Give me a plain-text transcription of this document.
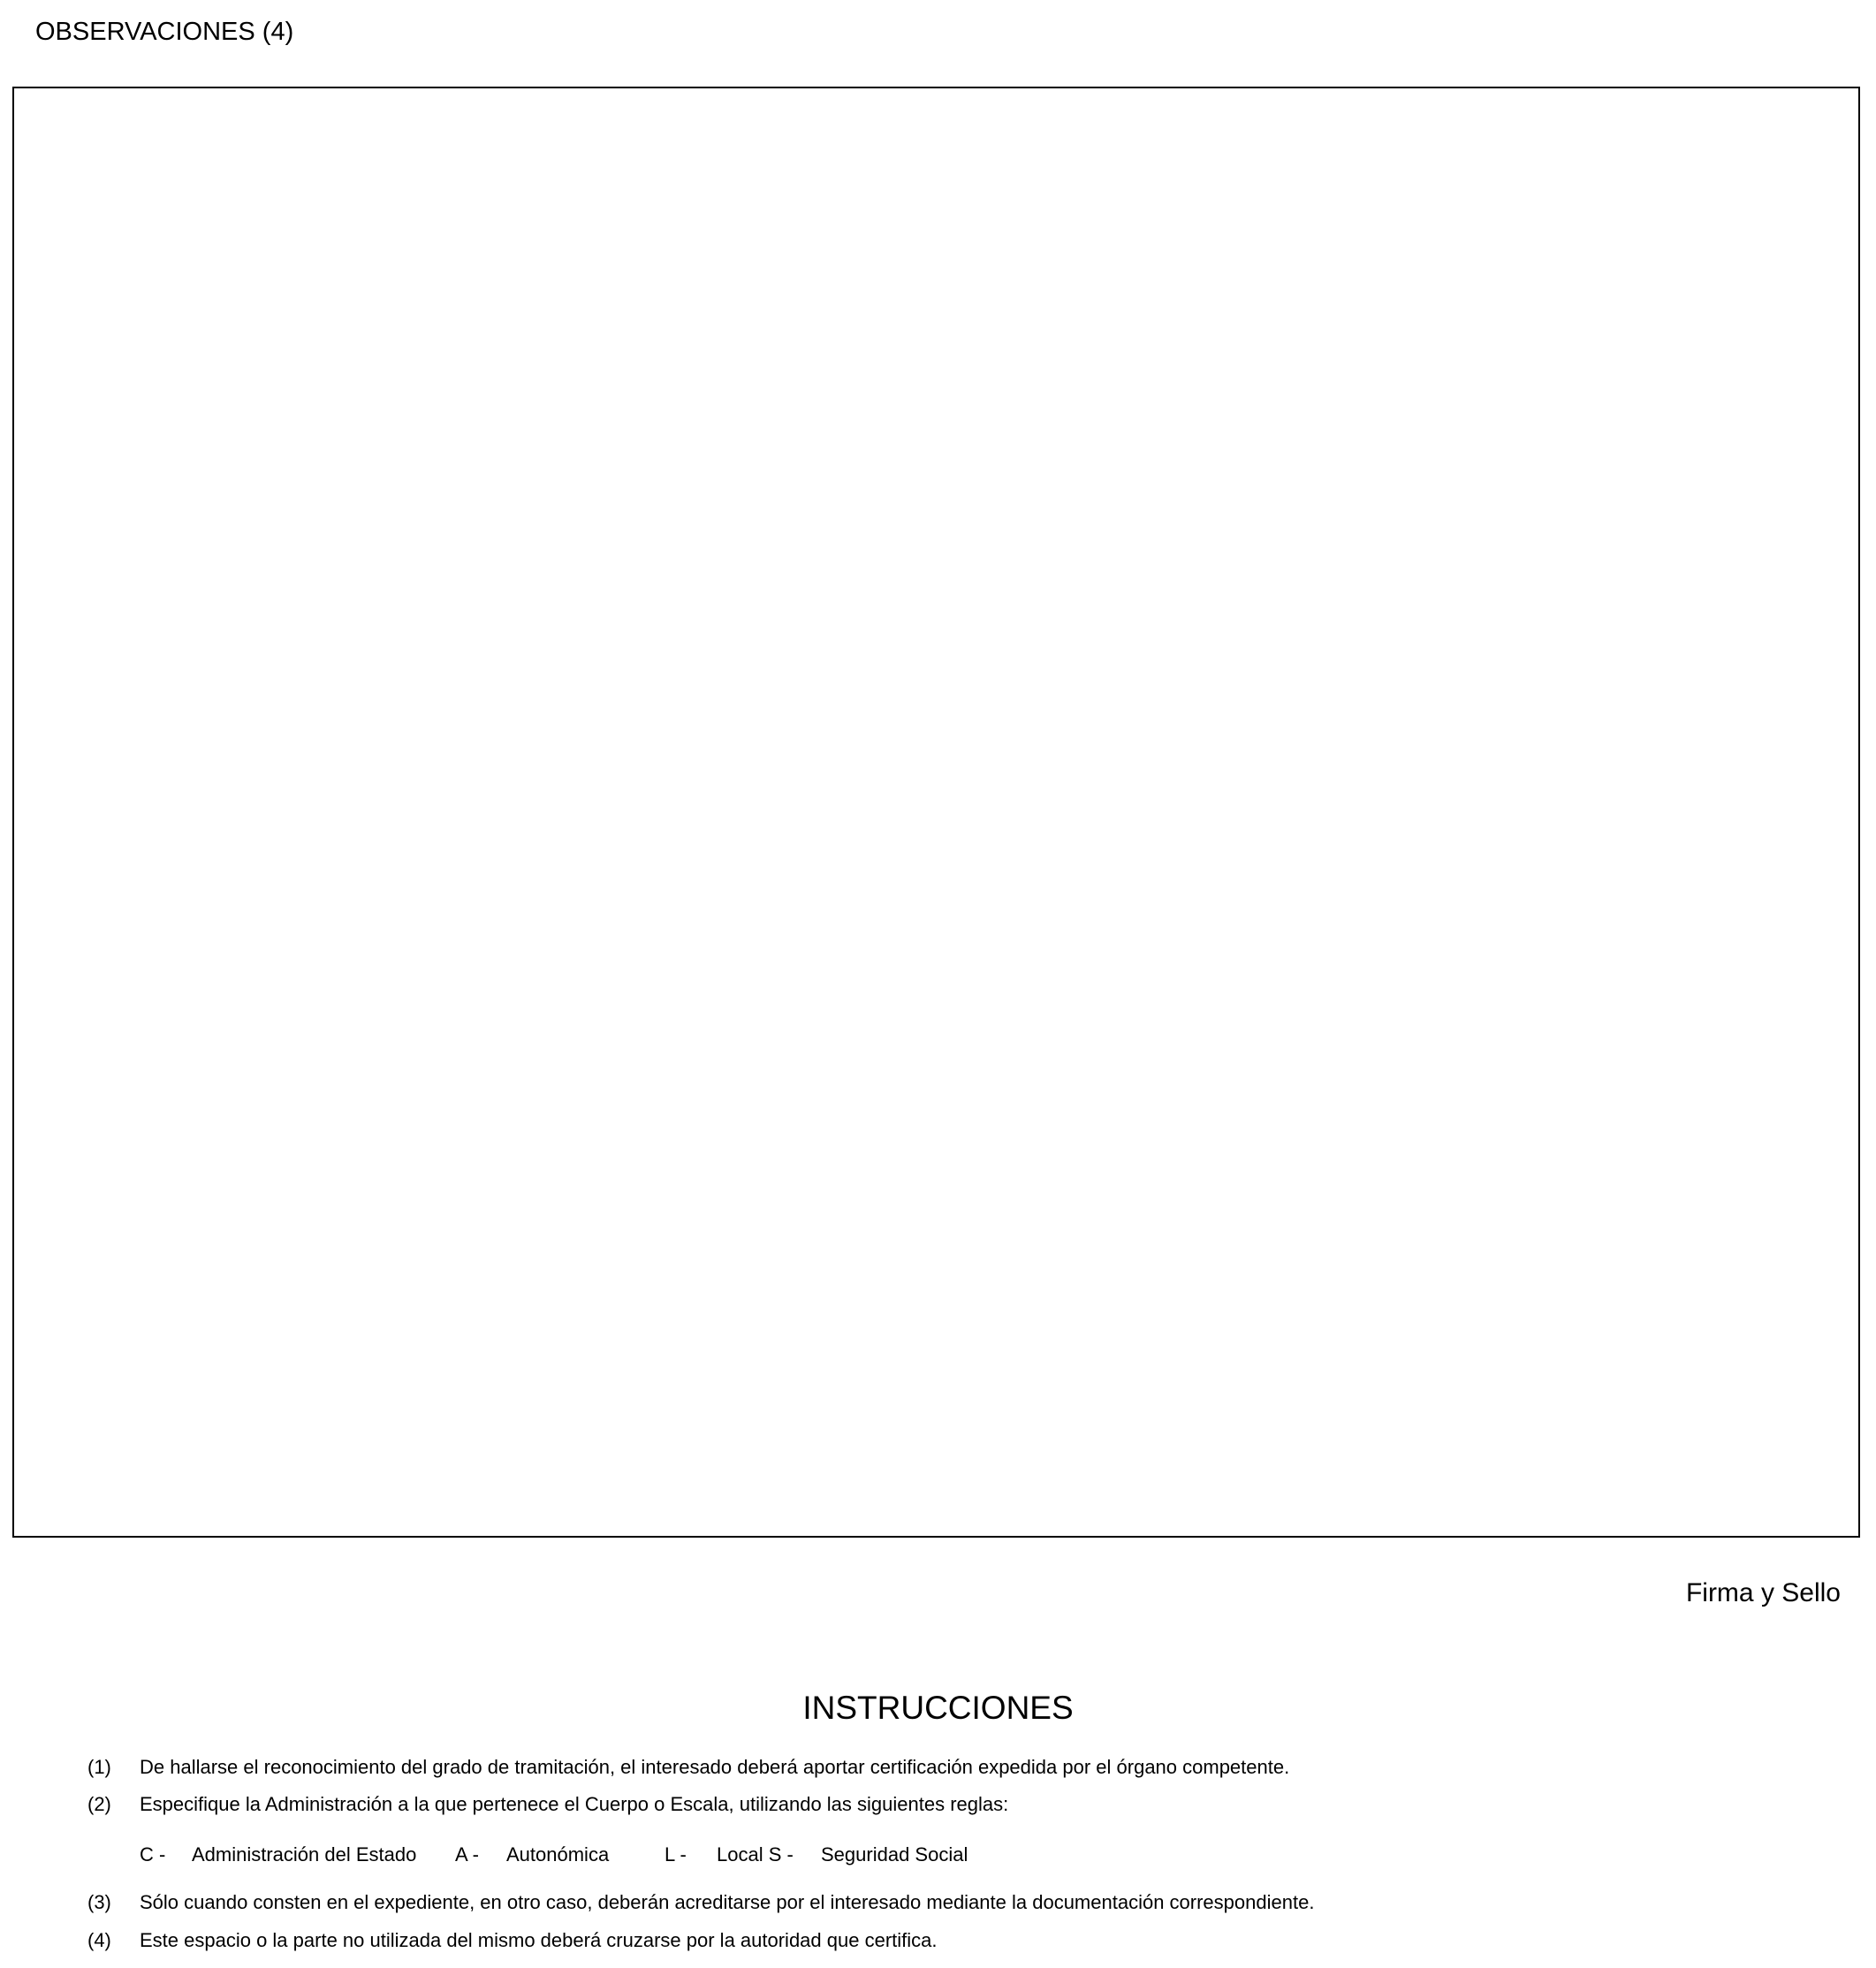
OBSERVACIONES (4)
Firma y Sello
INSTRUCCIONES
(1) De hallarse el reconocimiento del grado de tramitación, el interesado deberá aportar certificación expedida por el órgano competente.
(2) Especifique la Administración a la que pertenece el Cuerpo o Escala, utilizando las siguientes reglas:
C - Administración del Estado A - Autonómica	L - Local S - Seguridad Social
(3) Sólo cuando consten en el expediente, en otro caso, deberán acreditarse por el interesado mediante la documentación correspondiente.
(4) Este espacio o la parte no utilizada del mismo deberá cruzarse por la autoridad que certifica.
